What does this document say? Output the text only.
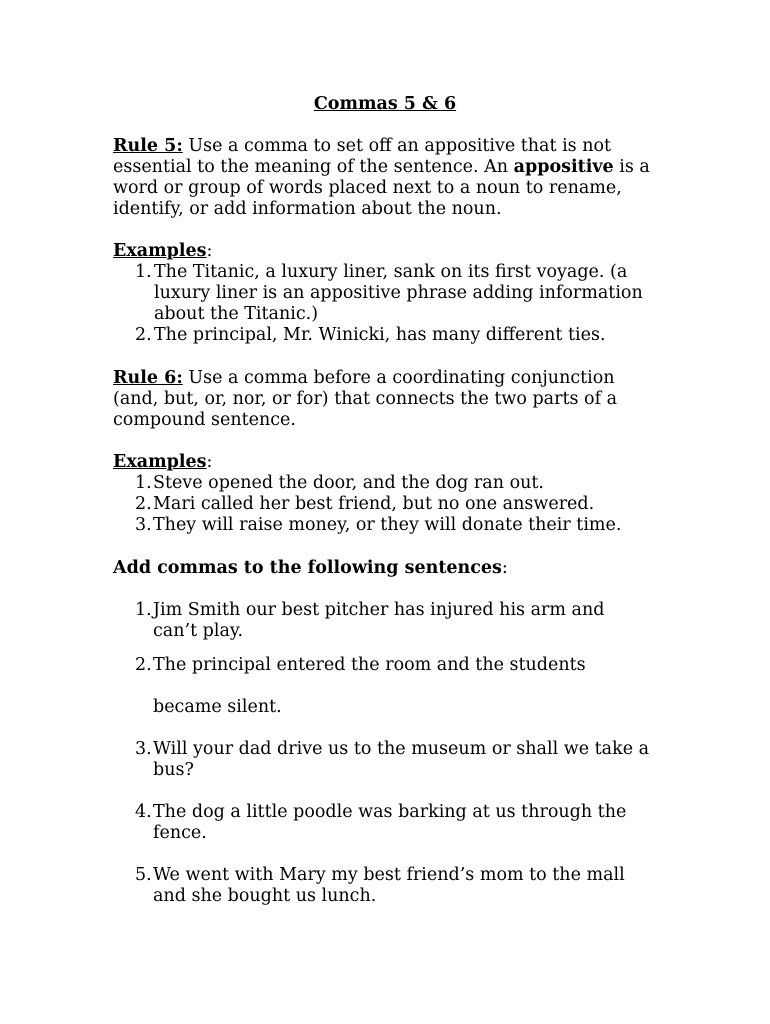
Commas 5 & 6

Rule 5: Use a comma to set off an appositive that is not essential to the meaning of the sentence. An appositive is a word or group of words placed next to a noun to rename, identify, or add information about the noun.

Examples:
1. The Titanic, a luxury liner, sank on its first voyage. (a luxury liner is an appositive phrase adding information about the Titanic.)
2. The principal, Mr. Winicki, has many different ties.

Rule 6: Use a comma before a coordinating conjunction (and, but, or, nor, or for) that connects the two parts of a compound sentence.

Examples:
1. Steve opened the door, and the dog ran out.
2. Mari called her best friend, but no one answered.
3. They will raise money, or they will donate their time.
Add commas to the following sentences:
1. Jim Smith our best pitcher has injured his arm and can’t play.
2. The principal entered the room and the students
became silent.
3. Will your dad drive us to the museum or shall we take a bus?
4. The dog a little poodle was barking at us through the fence.
5. We went with Mary my best friend’s mom to the mall and she bought us lunch.
